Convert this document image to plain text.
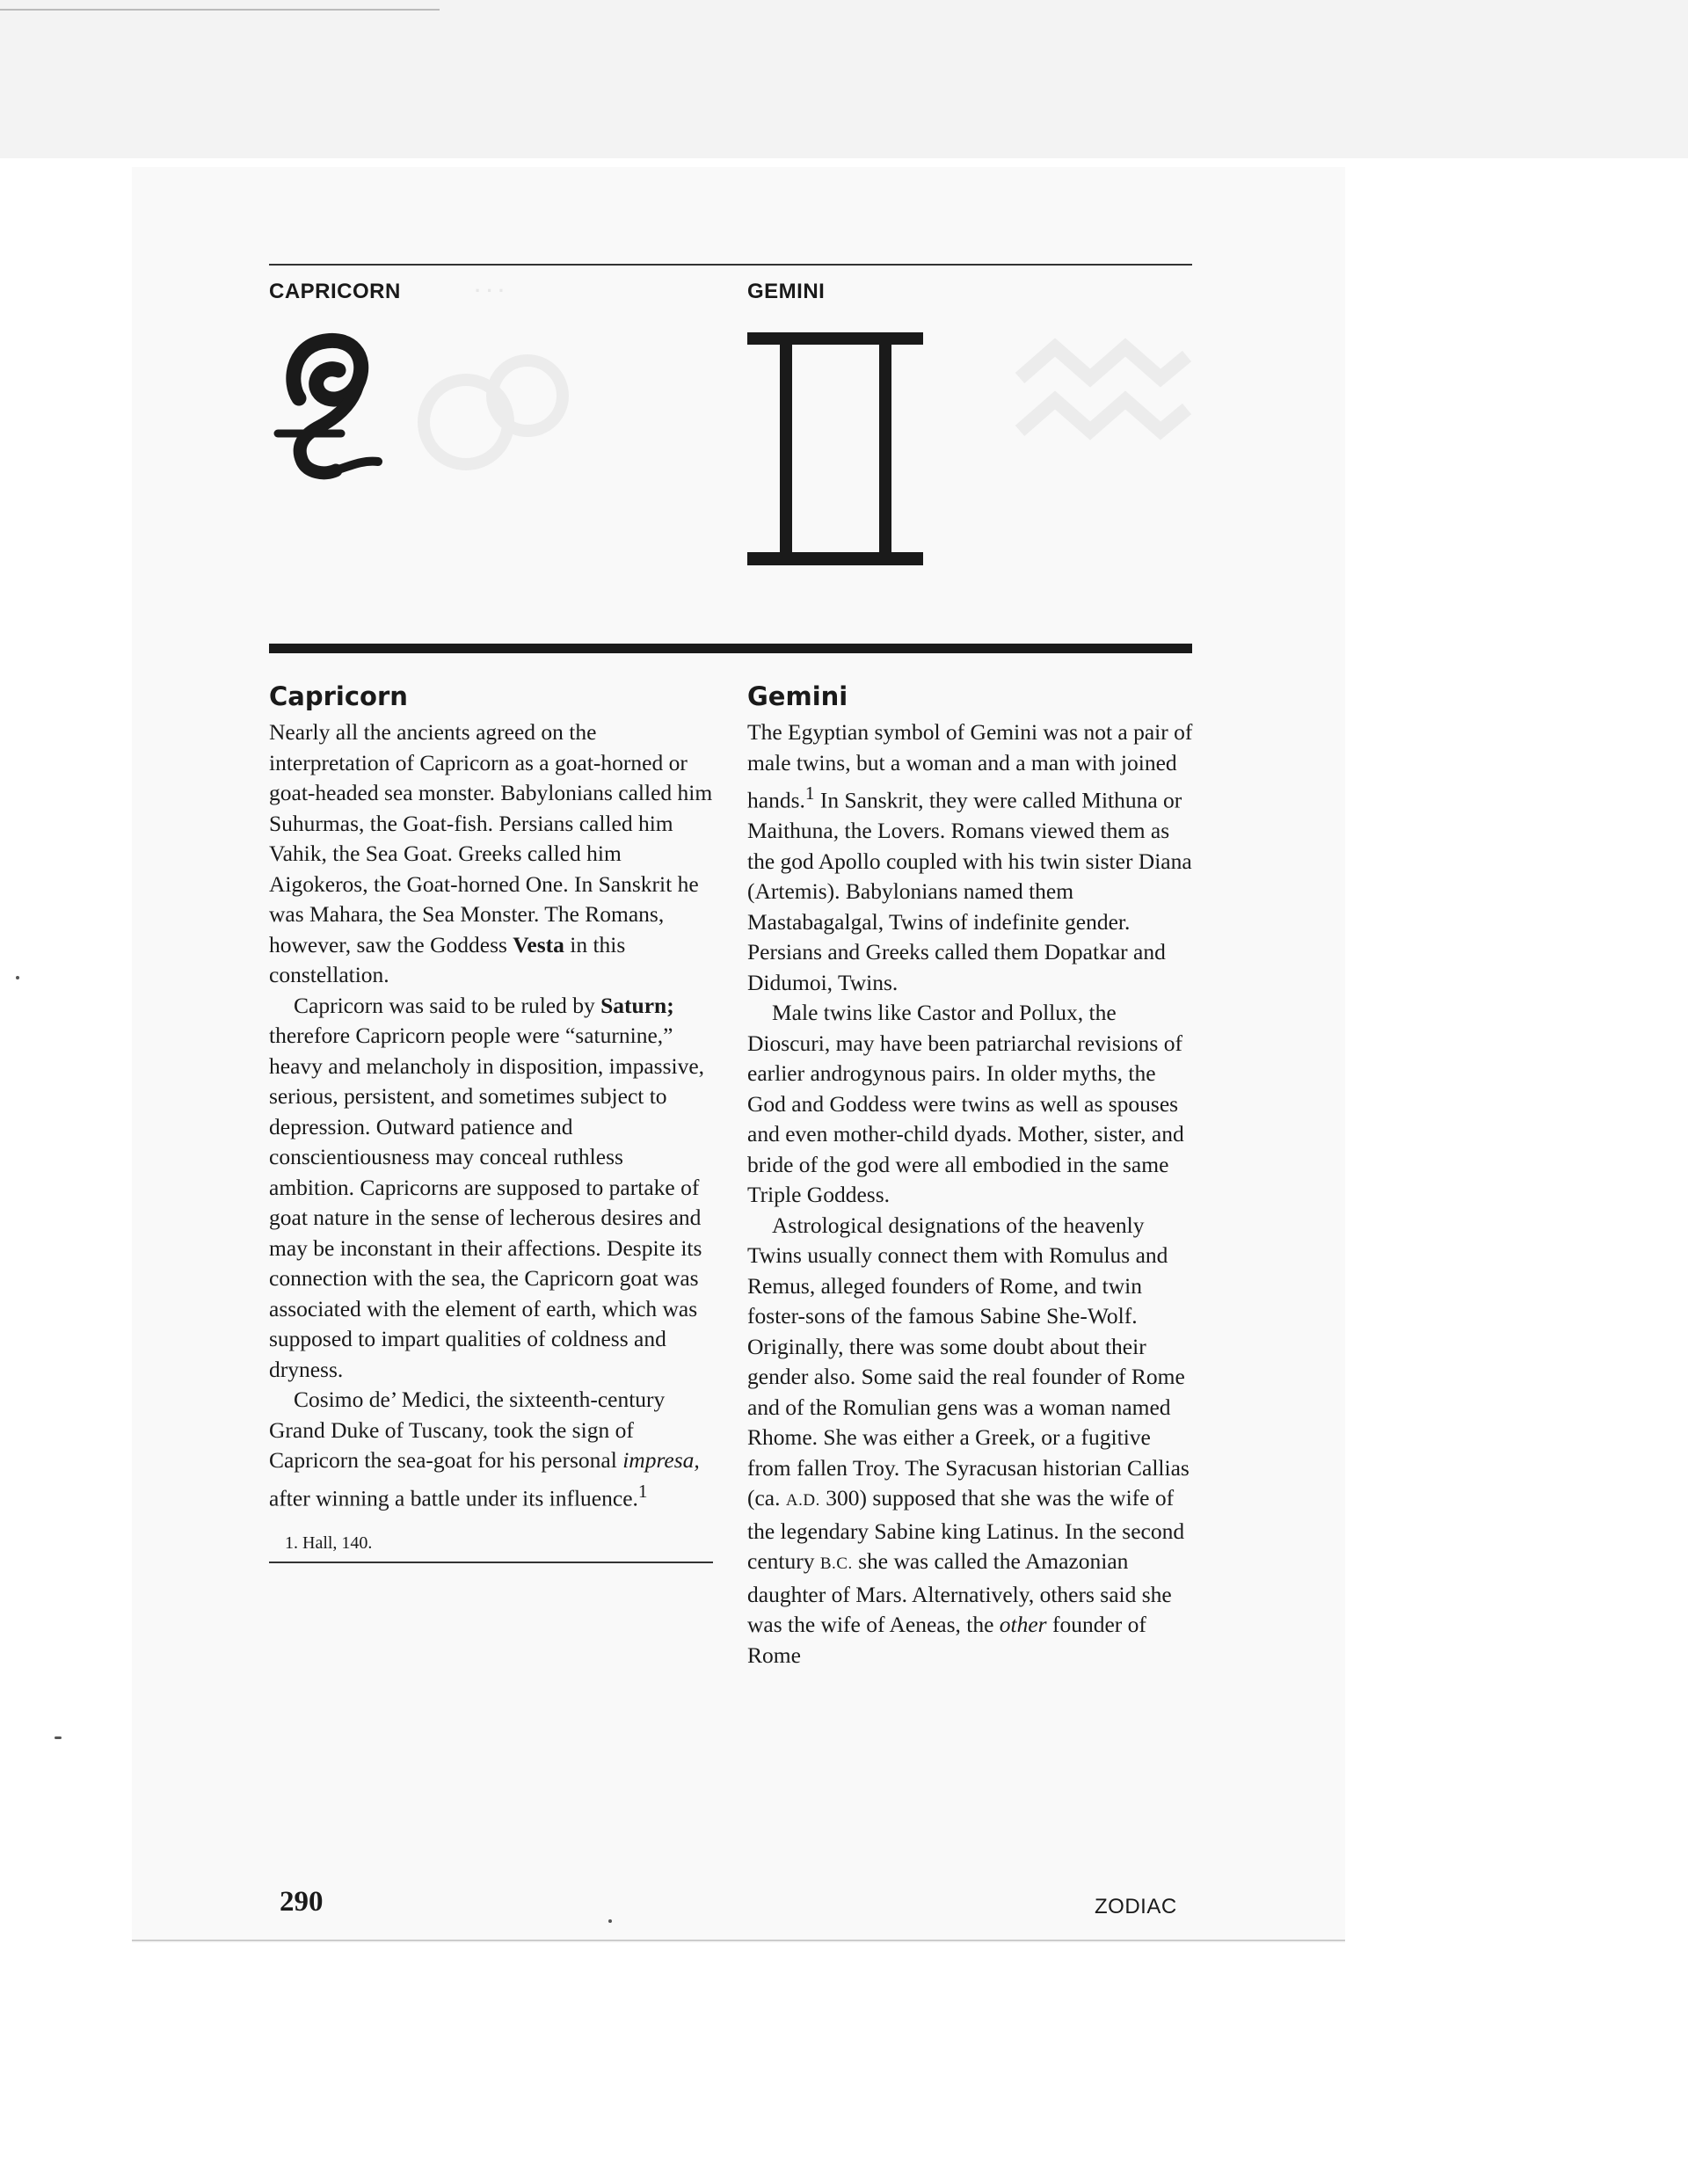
· · ·
CAPRICORN	GEMINI
Capricorn

Nearly all the ancients agreed on the interpretation of Capricorn as a goat-horned or goat-headed sea monster. Babylonians called him Suhurmas, the Goat-fish. Persians called him Vahik, the Sea Goat. Greeks called him Aigokeros, the Goat-horned One. In Sanskrit he was Mahara, the Sea Monster. The Romans, however, saw the Goddess Vesta in this constellation.

Capricorn was said to be ruled by Saturn; therefore Capricorn people were “saturnine,” heavy and melancholy in disposition, impassive, serious, persistent, and sometimes subject to depression. Outward patience and conscientiousness may conceal ruthless ambition. Capricorns are supposed to partake of goat nature in the sense of lecherous desires and may be inconstant in their affections. Despite its connection with the sea, the Capricorn goat was associated with the element of earth, which was supposed to impart qualities of coldness and dryness.

Cosimo de’ Medici, the sixteenth-century Grand Duke of Tuscany, took the sign of Capricorn the sea-goat for his personal impresa, after winning a battle under its influence.$^1$

1. Hall, 140.
Gemini

The Egyptian symbol of Gemini was not a pair of male twins, but a woman and a man with joined hands.$^1$ In Sanskrit, they were called Mithuna or Maithuna, the Lovers. Romans viewed them as the god Apollo coupled with his twin sister Diana (Artemis). Babylonians named them Mastabagalgal, Twins of indefinite gender. Persians and Greeks called them Dopatkar and Didumoi, Twins.

Male twins like Castor and Pollux, the Dioscuri, may have been patriarchal revisions of earlier androgynous pairs. In older myths, the God and Goddess were twins as well as spouses and even mother-child dyads. Mother, sister, and bride of the god were all embodied in the same Triple Goddess.

Astrological designations of the heavenly Twins usually connect them with Romulus and Remus, alleged founders of Rome, and twin foster-sons of the famous Sabine She-Wolf. Originally, there was some doubt about their gender also. Some said the real founder of Rome and of the Romulian gens was a woman named Rhome. She was either a Greek, or a fugitive from fallen Troy. The Syracusan historian Callias (ca. A.D. 300) supposed that she was the wife of the legendary Sabine king Latinus. In the second century B.C. she was called the Amazonian daughter of Mars. Alternatively, others said she was the wife of Aeneas, the other founder of Rome

290	ZODIAC
